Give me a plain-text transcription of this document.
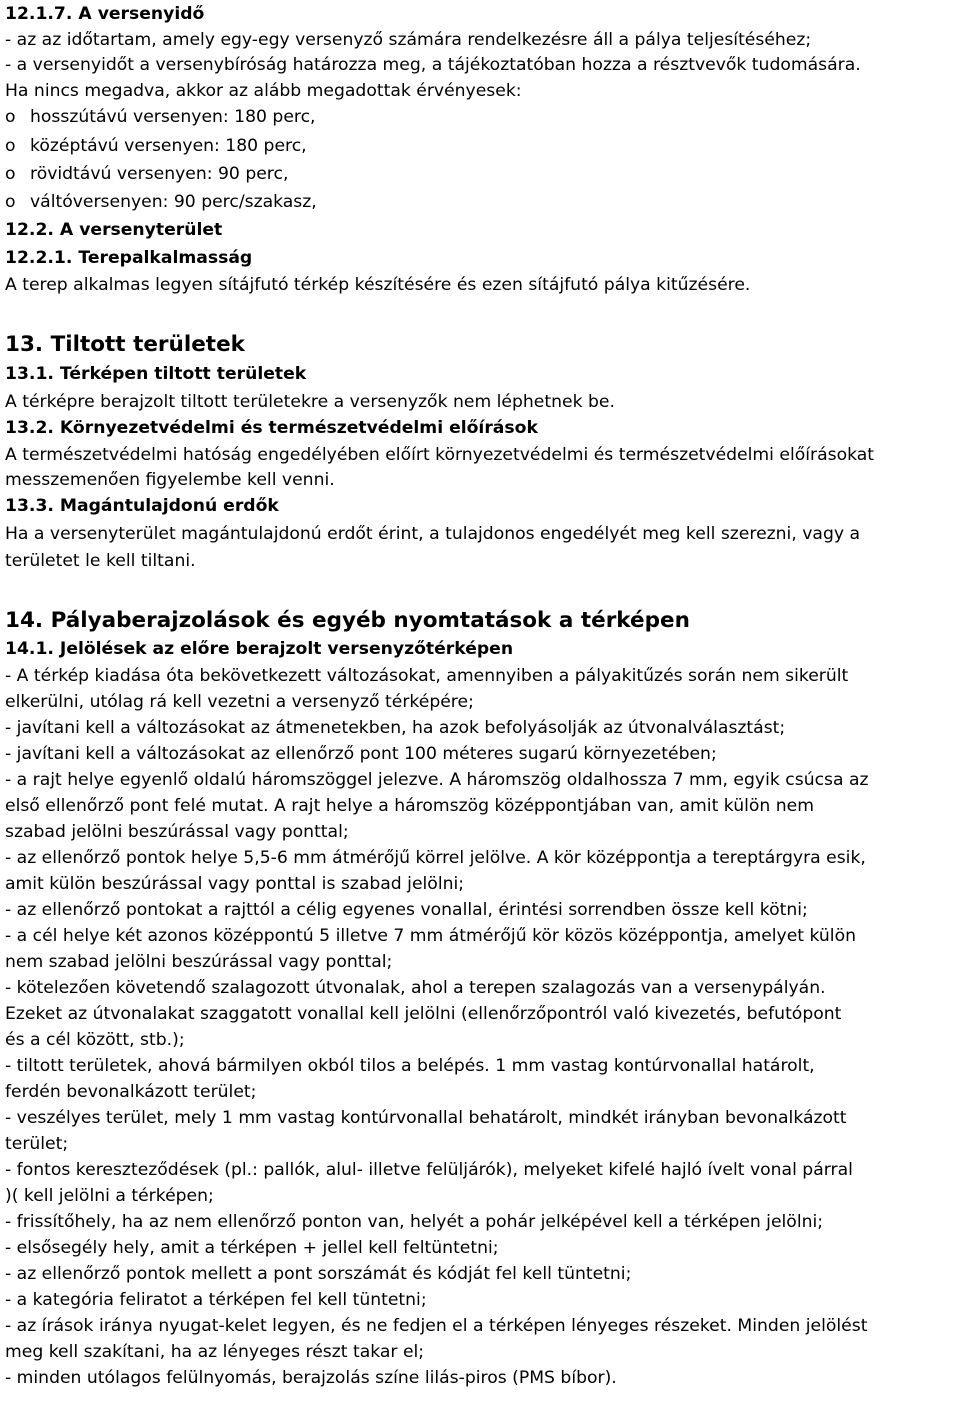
12.1.7. A versenyidő
- az az időtartam, amely egy-egy versenyző számára rendelkezésre áll a pálya teljesítéséhez;
- a versenyidőt a versenybíróság határozza meg, a tájékoztatóban hozza a résztvevők tudomására.
Ha nincs megadva, akkor az alább megadottak érvényesek:
o hosszútávú versenyen: 180 perc,
o középtávú versenyen: 180 perc,
o rövidtávú versenyen: 90 perc,
o váltóversenyen: 90 perc/szakasz,
12.2. A versenyterület
12.2.1. Terepalkalmasság
A terep alkalmas legyen sítájfutó térkép készítésére és ezen sítájfutó pálya kitűzésére.
13. Tiltott területek
13.1. Térképen tiltott területek
A térképre berajzolt tiltott területekre a versenyzők nem léphetnek be.
13.2. Környezetvédelmi és természetvédelmi előírások
A természetvédelmi hatóság engedélyében előírt környezetvédelmi és természetvédelmi előírásokat
messzemenően figyelembe kell venni.
13.3. Magántulajdonú erdők
Ha a versenyterület magántulajdonú erdőt érint, a tulajdonos engedélyét meg kell szerezni, vagy a
területet le kell tiltani.
14. Pályaberajzolások és egyéb nyomtatások a térképen
14.1. Jelölések az előre berajzolt versenyzőtérképen
- A térkép kiadása óta bekövetkezett változásokat, amennyiben a pályakitűzés során nem sikerült
elkerülni, utólag rá kell vezetni a versenyző térképére;
- javítani kell a változásokat az átmenetekben, ha azok befolyásolják az útvonalválasztást;
- javítani kell a változásokat az ellenőrző pont 100 méteres sugarú környezetében;
- a rajt helye egyenlő oldalú háromszöggel jelezve. A háromszög oldalhossza 7 mm, egyik csúcsa az
első ellenőrző pont felé mutat. A rajt helye a háromszög középpontjában van, amit külön nem
szabad jelölni beszúrással vagy ponttal;
- az ellenőrző pontok helye 5,5-6 mm átmérőjű körrel jelölve. A kör középpontja a tereptárgyra esik,
amit külön beszúrással vagy ponttal is szabad jelölni;
- az ellenőrző pontokat a rajttól a célig egyenes vonallal, érintési sorrendben össze kell kötni;
- a cél helye két azonos középpontú 5 illetve 7 mm átmérőjű kör közös középpontja, amelyet külön
nem szabad jelölni beszúrással vagy ponttal;
- kötelezően követendő szalagozott útvonalak, ahol a terepen szalagozás van a versenypályán.
Ezeket az útvonalakat szaggatott vonallal kell jelölni (ellenőrzőpontról való kivezetés, befutópont
és a cél között, stb.);
- tiltott területek, ahová bármilyen okból tilos a belépés. 1 mm vastag kontúrvonallal határolt,
ferdén bevonalkázott terület;
- veszélyes terület, mely 1 mm vastag kontúrvonallal behatárolt, mindkét irányban bevonalkázott
terület;
- fontos kereszteződések (pl.: pallók, alul- illetve felüljárók), melyeket kifelé hajló ívelt vonal párral
)( kell jelölni a térképen;
- frissítőhely, ha az nem ellenőrző ponton van, helyét a pohár jelképével kell a térképen jelölni;
- elsősegély hely, amit a térképen + jellel kell feltüntetni;
- az ellenőrző pontok mellett a pont sorszámát és kódját fel kell tüntetni;
- a kategória feliratot a térképen fel kell tüntetni;
- az írások iránya nyugat-kelet legyen, és ne fedjen el a térképen lényeges részeket. Minden jelölést
meg kell szakítani, ha az lényeges részt takar el;
- minden utólagos felülnyomás, berajzolás színe lilás-piros (PMS bíbor).
